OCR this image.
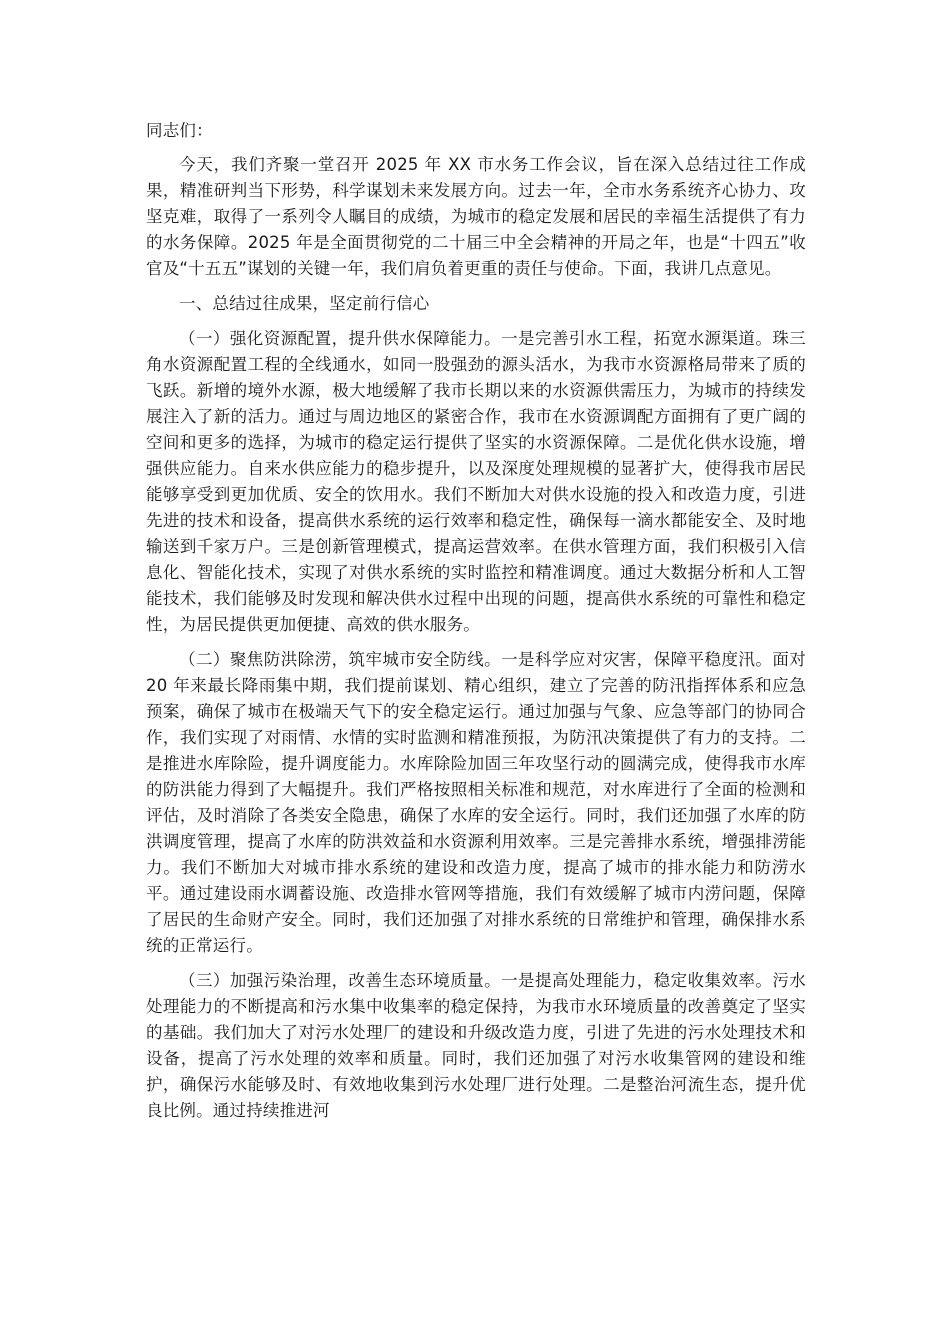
同志们：

今天，我们齐聚一堂召开 2025 年 XX 市水务工作会议，旨在深入总结过往工作成果，精准研判当下形势，科学谋划未来发展方向。过去一年，全市水务系统齐心协力、攻坚克难，取得了一系列令人瞩目的成绩，为城市的稳定发展和居民的幸福生活提供了有力的水务保障。2025 年是全面贯彻党的二十届三中全会精神的开局之年，也是“十四五”收官及“十五五”谋划的关键一年，我们肩负着更重的责任与使命。下面，我讲几点意见。

一、总结过往成果，坚定前行信心

（一）强化资源配置，提升供水保障能力。一是完善引水工程，拓宽水源渠道。珠三角水资源配置工程的全线通水，如同一股强劲的源头活水，为我市水资源格局带来了质的飞跃。新增的境外水源，极大地缓解了我市长期以来的水资源供需压力，为城市的持续发展注入了新的活力。通过与周边地区的紧密合作，我市在水资源调配方面拥有了更广阔的空间和更多的选择，为城市的稳定运行提供了坚实的水资源保障。二是优化供水设施，增强供应能力。自来水供应能力的稳步提升，以及深度处理规模的显著扩大，使得我市居民能够享受到更加优质、安全的饮用水。我们不断加大对供水设施的投入和改造力度，引进先进的技术和设备，提高供水系统的运行效率和稳定性，确保每一滴水都能安全、及时地输送到千家万户。三是创新管理模式，提高运营效率。在供水管理方面，我们积极引入信息化、智能化技术，实现了对供水系统的实时监控和精准调度。通过大数据分析和人工智能技术，我们能够及时发现和解决供水过程中出现的问题，提高供水系统的可靠性和稳定性，为居民提供更加便捷、高效的供水服务。

（二）聚焦防洪除涝，筑牢城市安全防线。一是科学应对灾害，保障平稳度汛。面对 20 年来最长降雨集中期，我们提前谋划、精心组织，建立了完善的防汛指挥体系和应急预案，确保了城市在极端天气下的安全稳定运行。通过加强与气象、应急等部门的协同合作，我们实现了对雨情、水情的实时监测和精准预报，为防汛决策提供了有力的支持。二是推进水库除险，提升调度能力。水库除险加固三年攻坚行动的圆满完成，使得我市水库的防洪能力得到了大幅提升。我们严格按照相关标准和规范，对水库进行了全面的检测和评估，及时消除了各类安全隐患，确保了水库的安全运行。同时，我们还加强了水库的防洪调度管理，提高了水库的防洪效益和水资源利用效率。三是完善排水系统，增强排涝能力。我们不断加大对城市排水系统的建设和改造力度，提高了城市的排水能力和防涝水平。通过建设雨水调蓄设施、改造排水管网等措施，我们有效缓解了城市内涝问题，保障了居民的生命财产安全。同时，我们还加强了对排水系统的日常维护和管理，确保排水系统的正常运行。

（三）加强污染治理，改善生态环境质量。一是提高处理能力，稳定收集效率。污水处理能力的不断提高和污水集中收集率的稳定保持，为我市水环境质量的改善奠定了坚实的基础。我们加大了对污水处理厂的建设和升级改造力度，引进了先进的污水处理技术和设备，提高了污水处理的效率和质量。同时，我们还加强了对污水收集管网的建设和维护，确保污水能够及时、有效地收集到污水处理厂进行处理。二是整治河流生态，提升优良比例。通过持续推进河
